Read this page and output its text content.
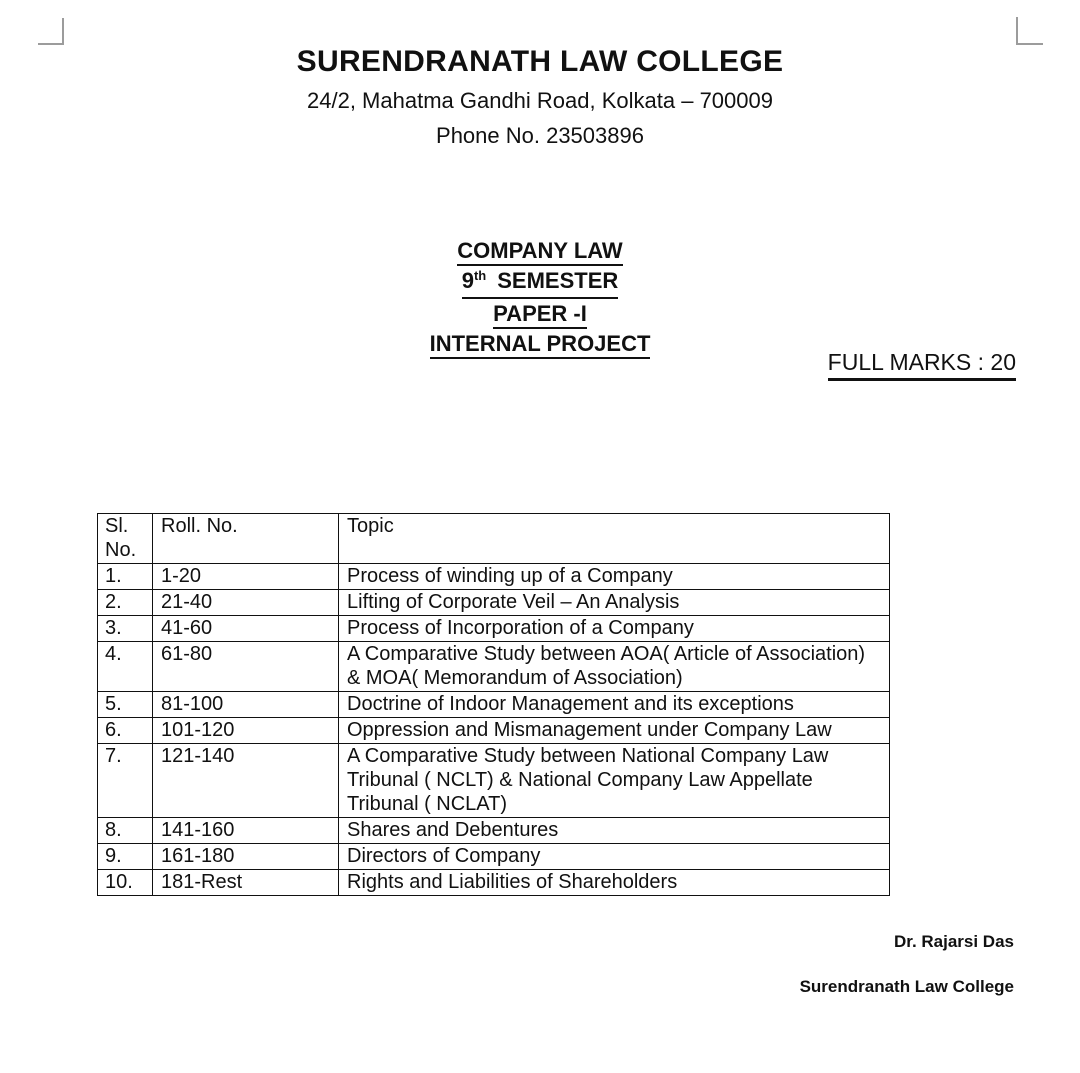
SURENDRANATH LAW COLLEGE
24/2, Mahatma Gandhi Road, Kolkata – 700009
Phone No. 23503896
COMPANY LAW
9th SEMESTER
PAPER -I
INTERNAL PROJECT
FULL MARKS : 20
Sl. No.	Roll. No.	Topic
1.	1-20	Process of winding up of a Company
2.	21-40	Lifting of Corporate Veil – An Analysis
3.	41-60	Process of Incorporation of a Company
4.	61-80	A Comparative Study between AOA( Article of Association) & MOA( Memorandum of Association)
5.	81-100	Doctrine of Indoor Management and its exceptions
6.	101-120	Oppression and Mismanagement under Company Law
7.	121-140	A Comparative Study between National Company Law Tribunal ( NCLT) & National Company Law Appellate Tribunal ( NCLAT)
8.	141-160	Shares and Debentures
9.	161-180	Directors of Company
10.	181-Rest	Rights and Liabilities of Shareholders
Dr. Rajarsi Das
Surendranath Law College
